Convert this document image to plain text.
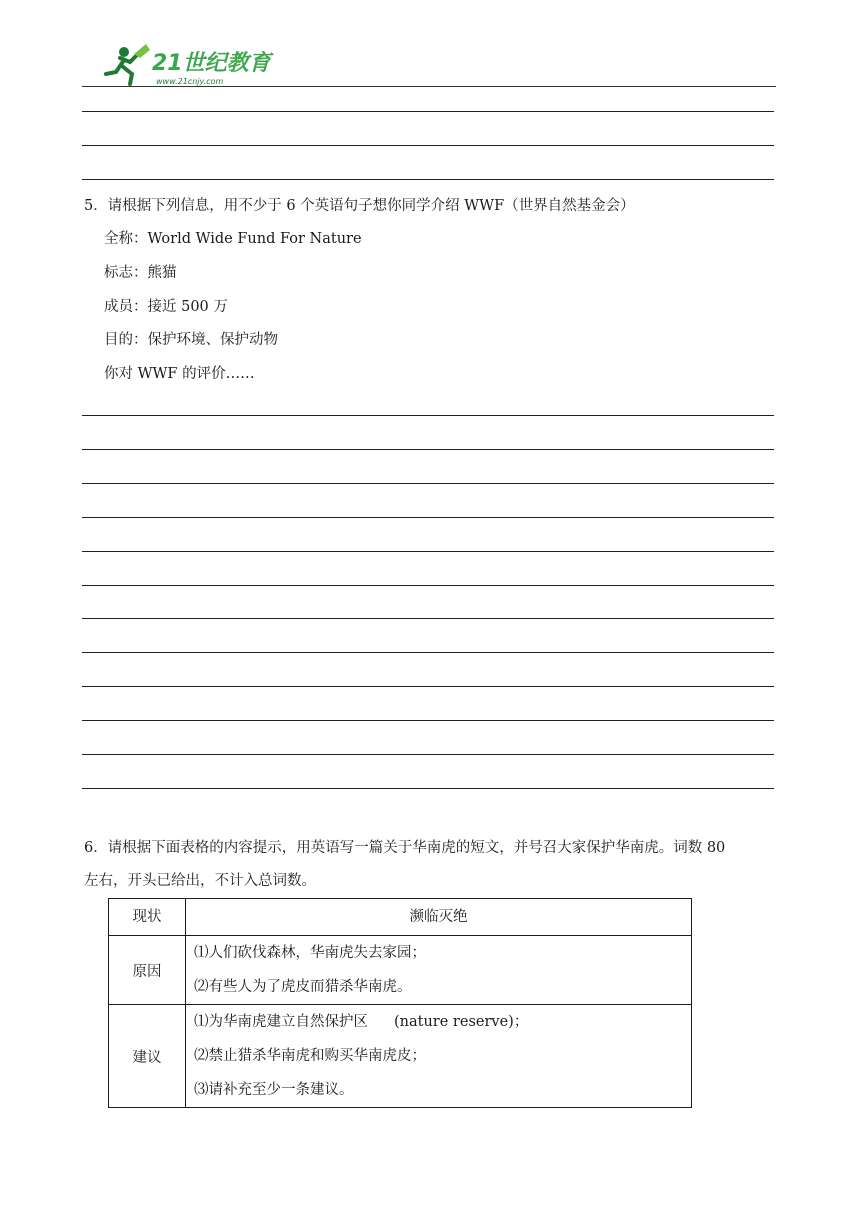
21世纪教育
www.21cnjy.com
5．请根据下列信息，用不少于 6 个英语句子想你同学介绍 WWF（世界自然基金会）
全称：World Wide Fund For Nature
标志：熊猫
成员：接近 500 万
目的：保护环境、保护动物
你对 WWF 的评价……
6．请根据下面表格的内容提示，用英语写一篇关于华南虎的短文，并号召大家保护华南虎。词数 80
左右，开头已给出，不计入总词数。
现状	濒临灭绝
原因	⑴人们砍伐森林，华南虎失去家园；
⑵有些人为了虎皮而猎杀华南虎。

建议	⑴为华南虎建立自然保护区 (nature reserve)；
⑵禁止猎杀华南虎和购买华南虎皮；
⑶请补充至少一条建议。
